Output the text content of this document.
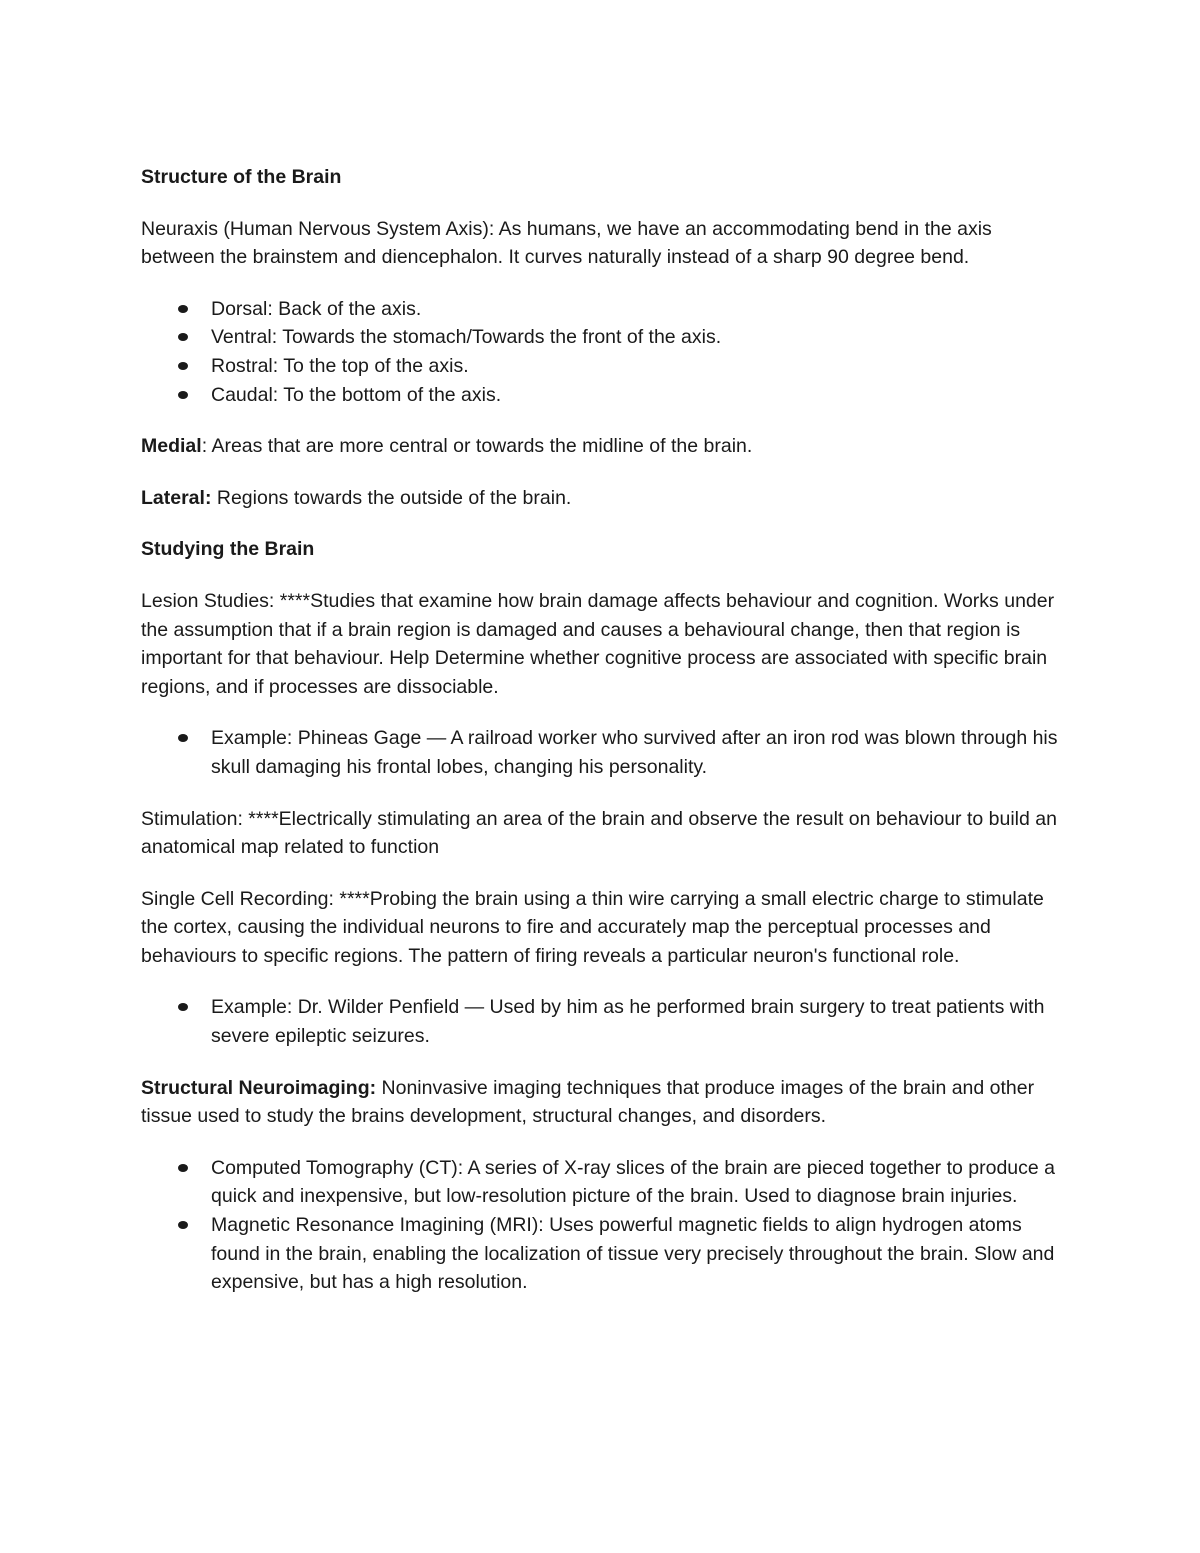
Structure of the Brain
Neuraxis (Human Nervous System Axis): As humans, we have an accommodating bend in the axis between the brainstem and diencephalon. It curves naturally instead of a sharp 90 degree bend.
Dorsal: Back of the axis.
Ventral: Towards the stomach/Towards the front of the axis.
Rostral: To the top of the axis.
Caudal: To the bottom of the axis.
Medial: Areas that are more central or towards the midline of the brain.
Lateral: Regions towards the outside of the brain.
Studying the Brain
Lesion Studies: ****Studies that examine how brain damage affects behaviour and cognition. Works under the assumption that if a brain region is damaged and causes a behavioural change, then that region is important for that behaviour. Help Determine whether cognitive process are associated with specific brain regions, and if processes are dissociable.
Example: Phineas Gage — A railroad worker who survived after an iron rod was blown through his skull damaging his frontal lobes, changing his personality.
Stimulation: ****Electrically stimulating an area of the brain and observe the result on behaviour to build an anatomical map related to function
Single Cell Recording: ****Probing the brain using a thin wire carrying a small electric charge to stimulate the cortex, causing the individual neurons to fire and accurately map the perceptual processes and behaviours to specific regions. The pattern of firing reveals a particular neuron's functional role.
Example: Dr. Wilder Penfield — Used by him as he performed brain surgery to treat patients with severe epileptic seizures.
Structural Neuroimaging: Noninvasive imaging techniques that produce images of the brain and other tissue used to study the brains development, structural changes, and disorders.
Computed Tomography (CT): A series of X-ray slices of the brain are pieced together to produce a quick and inexpensive, but low-resolution picture of the brain. Used to diagnose brain injuries.
Magnetic Resonance Imagining (MRI): Uses powerful magnetic fields to align hydrogen atoms found in the brain, enabling the localization of tissue very precisely throughout the brain. Slow and expensive, but has a high resolution.
